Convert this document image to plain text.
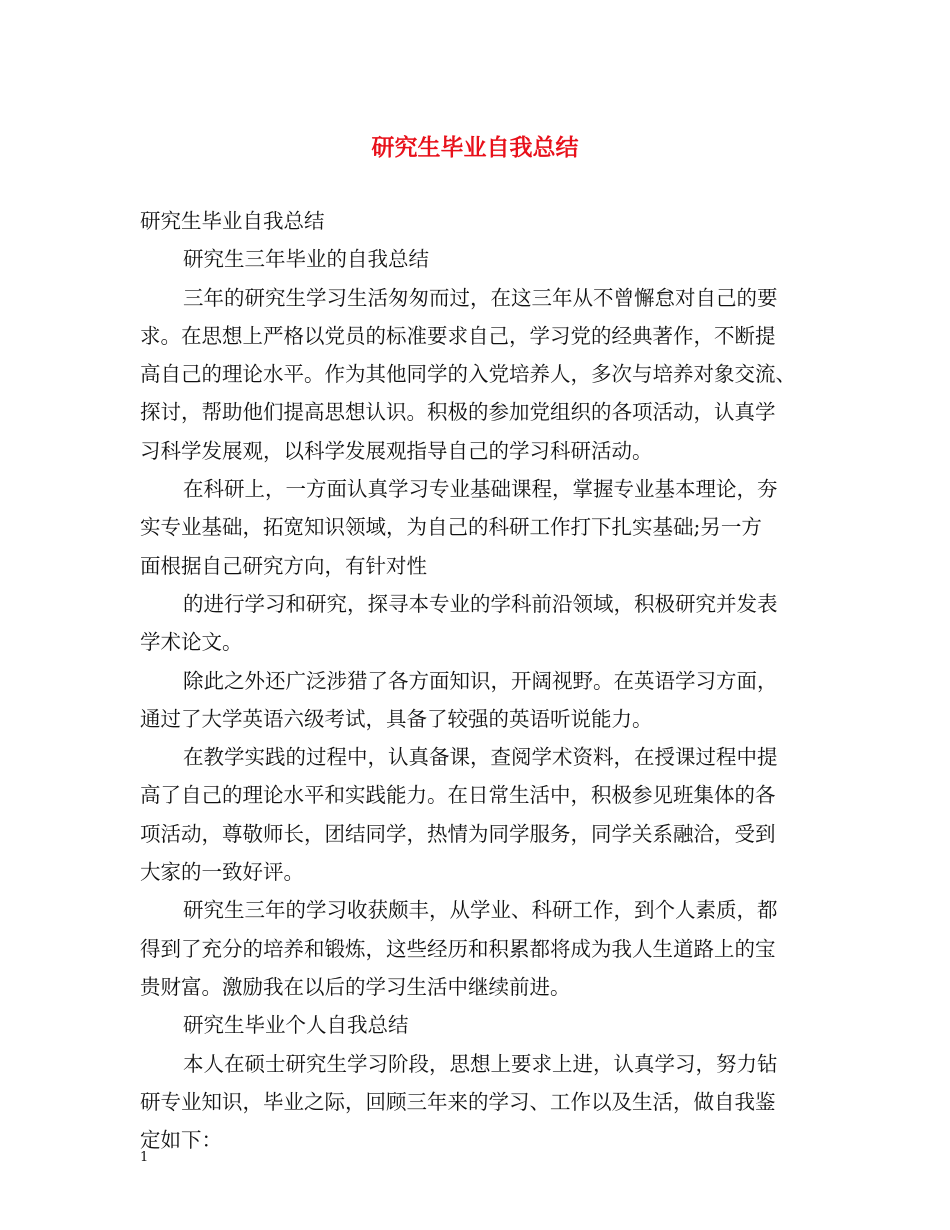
研究生毕业自我总结
研究生毕业自我总结
研究生三年毕业的自我总结
三年的研究生学习生活匆匆而过，在这三年从不曾懈怠对自己的要
求。在思想上严格以党员的标准要求自己，学习党的经典著作，不断提
高自己的理论水平。作为其他同学的入党培养人，多次与培养对象交流、
探讨，帮助他们提高思想认识。积极的参加党组织的各项活动，认真学
习科学发展观，以科学发展观指导自己的学习科研活动。
在科研上，一方面认真学习专业基础课程，掌握专业基本理论，夯
实专业基础，拓宽知识领域，为自己的科研工作打下扎实基础;另一方
面根据自己研究方向，有针对性
的进行学习和研究，探寻本专业的学科前沿领域，积极研究并发表
学术论文。
除此之外还广泛涉猎了各方面知识，开阔视野。在英语学习方面，
通过了大学英语六级考试，具备了较强的英语听说能力。
在教学实践的过程中，认真备课，查阅学术资料，在授课过程中提
高了自己的理论水平和实践能力。在日常生活中，积极参见班集体的各
项活动，尊敬师长，团结同学，热情为同学服务，同学关系融洽，受到
大家的一致好评。
研究生三年的学习收获颇丰，从学业、科研工作，到个人素质，都
得到了充分的培养和锻炼，这些经历和积累都将成为我人生道路上的宝
贵财富。激励我在以后的学习生活中继续前进。
研究生毕业个人自我总结
本人在硕士研究生学习阶段，思想上要求上进，认真学习，努力钻
研专业知识，毕业之际，回顾三年来的学习、工作以及生活，做自我鉴
定如下：
1
